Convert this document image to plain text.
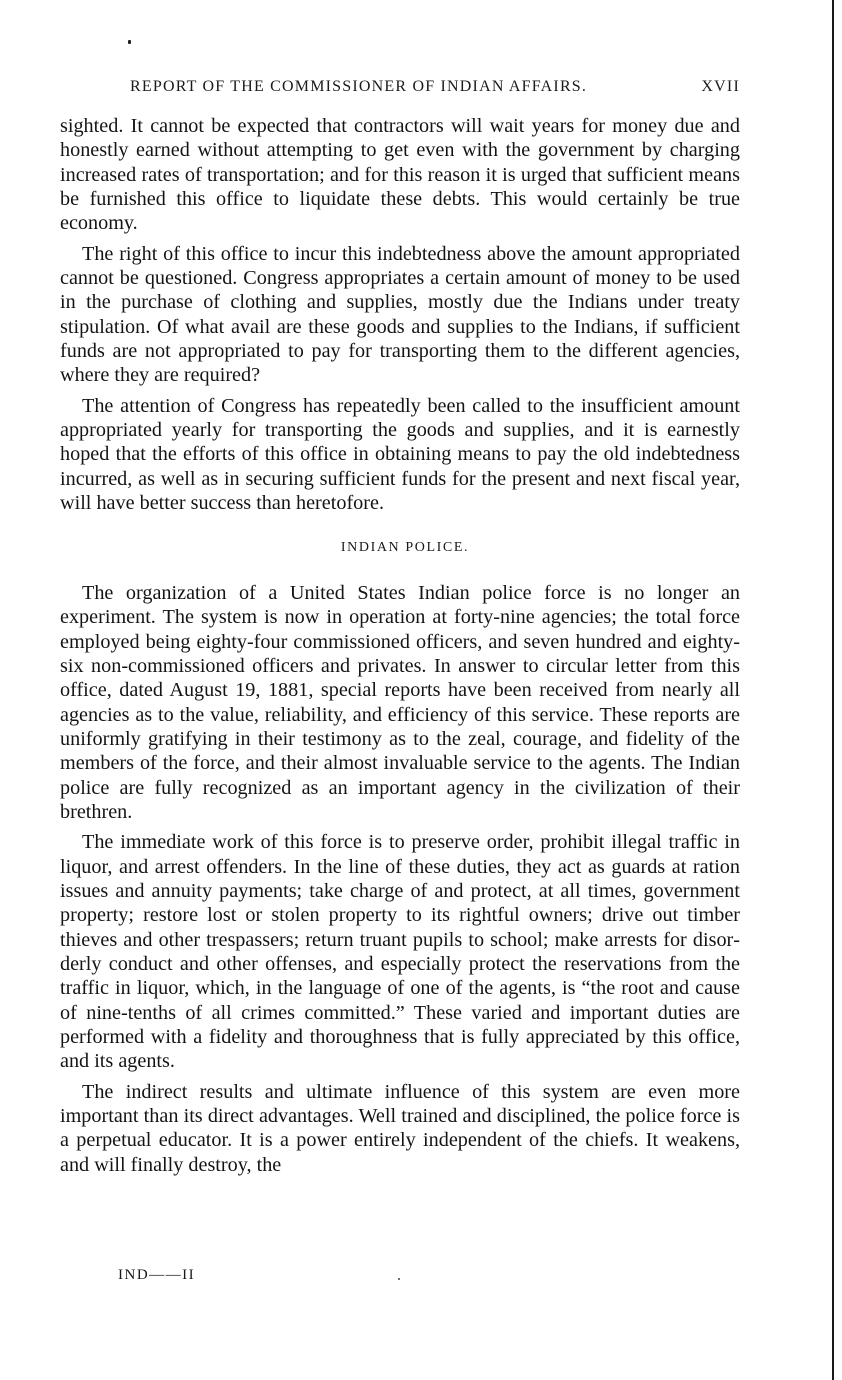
REPORT OF THE COMMISSIONER OF INDIAN AFFAIRS.	XVII

sighted. It cannot be expected that contractors will wait years for money due and honestly earned without attempting to get even with the government by charging increased rates of transportation; and for this reason it is urged that sufficient means be furnished this office to liquidate these debts. This would certainly be true economy.

The right of this office to incur this indebtedness above the amount appropriated cannot be questioned. Congress appropriates a certain amount of money to be used in the purchase of clothing and supplies, mostly due the Indians under treaty stipulation. Of what avail are these goods and supplies to the Indians, if sufficient funds are not appropriated to pay for transporting them to the different agencies, where they are required?

The attention of Congress has repeatedly been called to the insufficient amount appropriated yearly for transporting the goods and supplies, and it is earnestly hoped that the efforts of this office in obtaining means to pay the old indebtedness incurred, as well as in securing sufficient funds for the present and next fiscal year, will have better success than heretofore.

INDIAN POLICE.

The organization of a United States Indian police force is no longer an experiment. The system is now in operation at forty-nine agencies; the total force employed being eighty-four commissioned officers, and seven hundred and eighty-six non-commissioned officers and privates. In answer to circular letter from this office, dated August 19, 1881, special reports have been received from nearly all agencies as to the value, reliability, and efficiency of this service. These reports are uniformly gratifying in their testimony as to the zeal, courage, and fidelity of the members of the force, and their almost invaluable service to the agents. The Indian police are fully recognized as an important agency in the civilization of their brethren.

The immediate work of this force is to preserve order, prohibit illegal traffic in liquor, and arrest offenders. In the line of these duties, they act as guards at ration issues and annuity payments; take charge of and protect, at all times, government property; restore lost or stolen property to its rightful owners; drive out timber thieves and other trespassers; return truant pupils to school; make arrests for disorderly conduct and other offenses, and especially protect the reservations from the traffic in liquor, which, in the language of one of the agents, is “the root and cause of nine-tenths of all crimes committed.” These varied and important duties are performed with a fidelity and thoroughness that is fully appreciated by this office, and its agents.

The indirect results and ultimate influence of this system are even more important than its direct advantages. Well trained and disciplined, the police force is a perpetual educator. It is a power entirely independent of the chiefs. It weakens, and will finally destroy, the

IND——II
